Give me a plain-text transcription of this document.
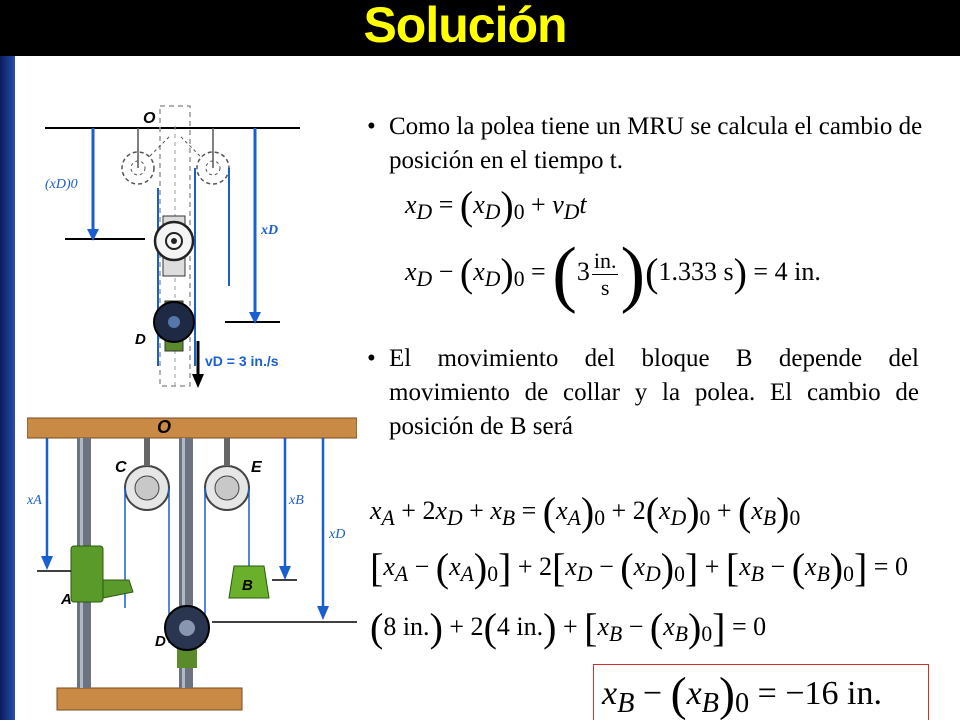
Solución
O
(xD)0
xD
D
vD = 3 in./s
O
C	E
xA	xB
xD
A
B
D
• Como la polea tiene un MRU se calcula el cambio de posición en el tiempo t.
$x_D = (x_D)_0 + v_Dt$
$x_D - (x_D)_0 = (3 \frac{in.}{s} )(1.333$ s) = 4 in.
• El movimiento del bloque B depende del movimiento de collar y la polea. El cambio de posición de B será
$x_A + 2x_D + x_B = (x_A)_0 + 2(x_D)_0 + (x_B)_0$
$[x_A - (x_A)_0] + 2[x_D - (x_D)_0] + [x_B - (x_B)_0] = 0$
(8 in.) + 2(4 $in.) + [x_B - (x_B)_0] = 0$
$x_B - (x_B)_0 = -16$ in.
